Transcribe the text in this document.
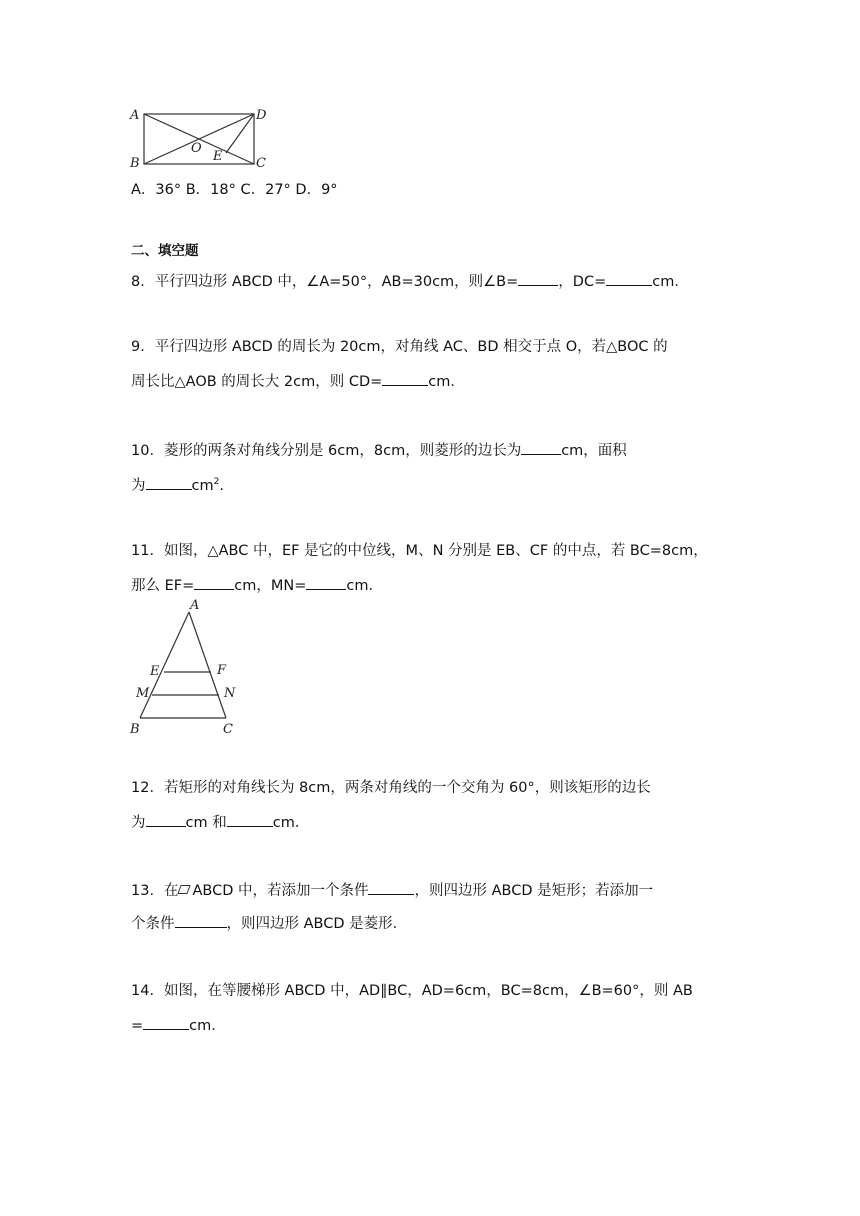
A	D
B	C
O
E
A．36° B．18° C．27° D．9°
二、填空题
8．平行四边形 ABCD 中，∠A=50°，AB=30cm，则∠B=	，DC=	cm．
9．平行四边形 ABCD 的周长为 20cm，对角线 AC、BD 相交于点 O，若△BOC 的
周长比△AOB 的周长大 2cm，则 CD=	cm．
10．菱形的两条对角线分别是 6cm，8cm，则菱形的边长为	cm，面积
为	$cm^2$.
11．如图，△ABC 中，EF 是它的中位线，M、N 分别是 EB、CF 的中点，若 BC=8cm，
那么 EF=	cm，MN=	cm．
A
E	F
M	N
B	C
12．若矩形的对角线长为 8cm，两条对角线的一个交角为 60°，则该矩形的边长
为	cm 和	cm．
13．在 ABCD 中，若添加一个条件	，则四边形 ABCD 是矩形；若添加一
个条件	，则四边形 ABCD 是菱形．
14．如图，在等腰梯形 ABCD 中，AD∥BC，AD=6cm，BC=8cm，∠B=60°，则 AB
=	cm．
